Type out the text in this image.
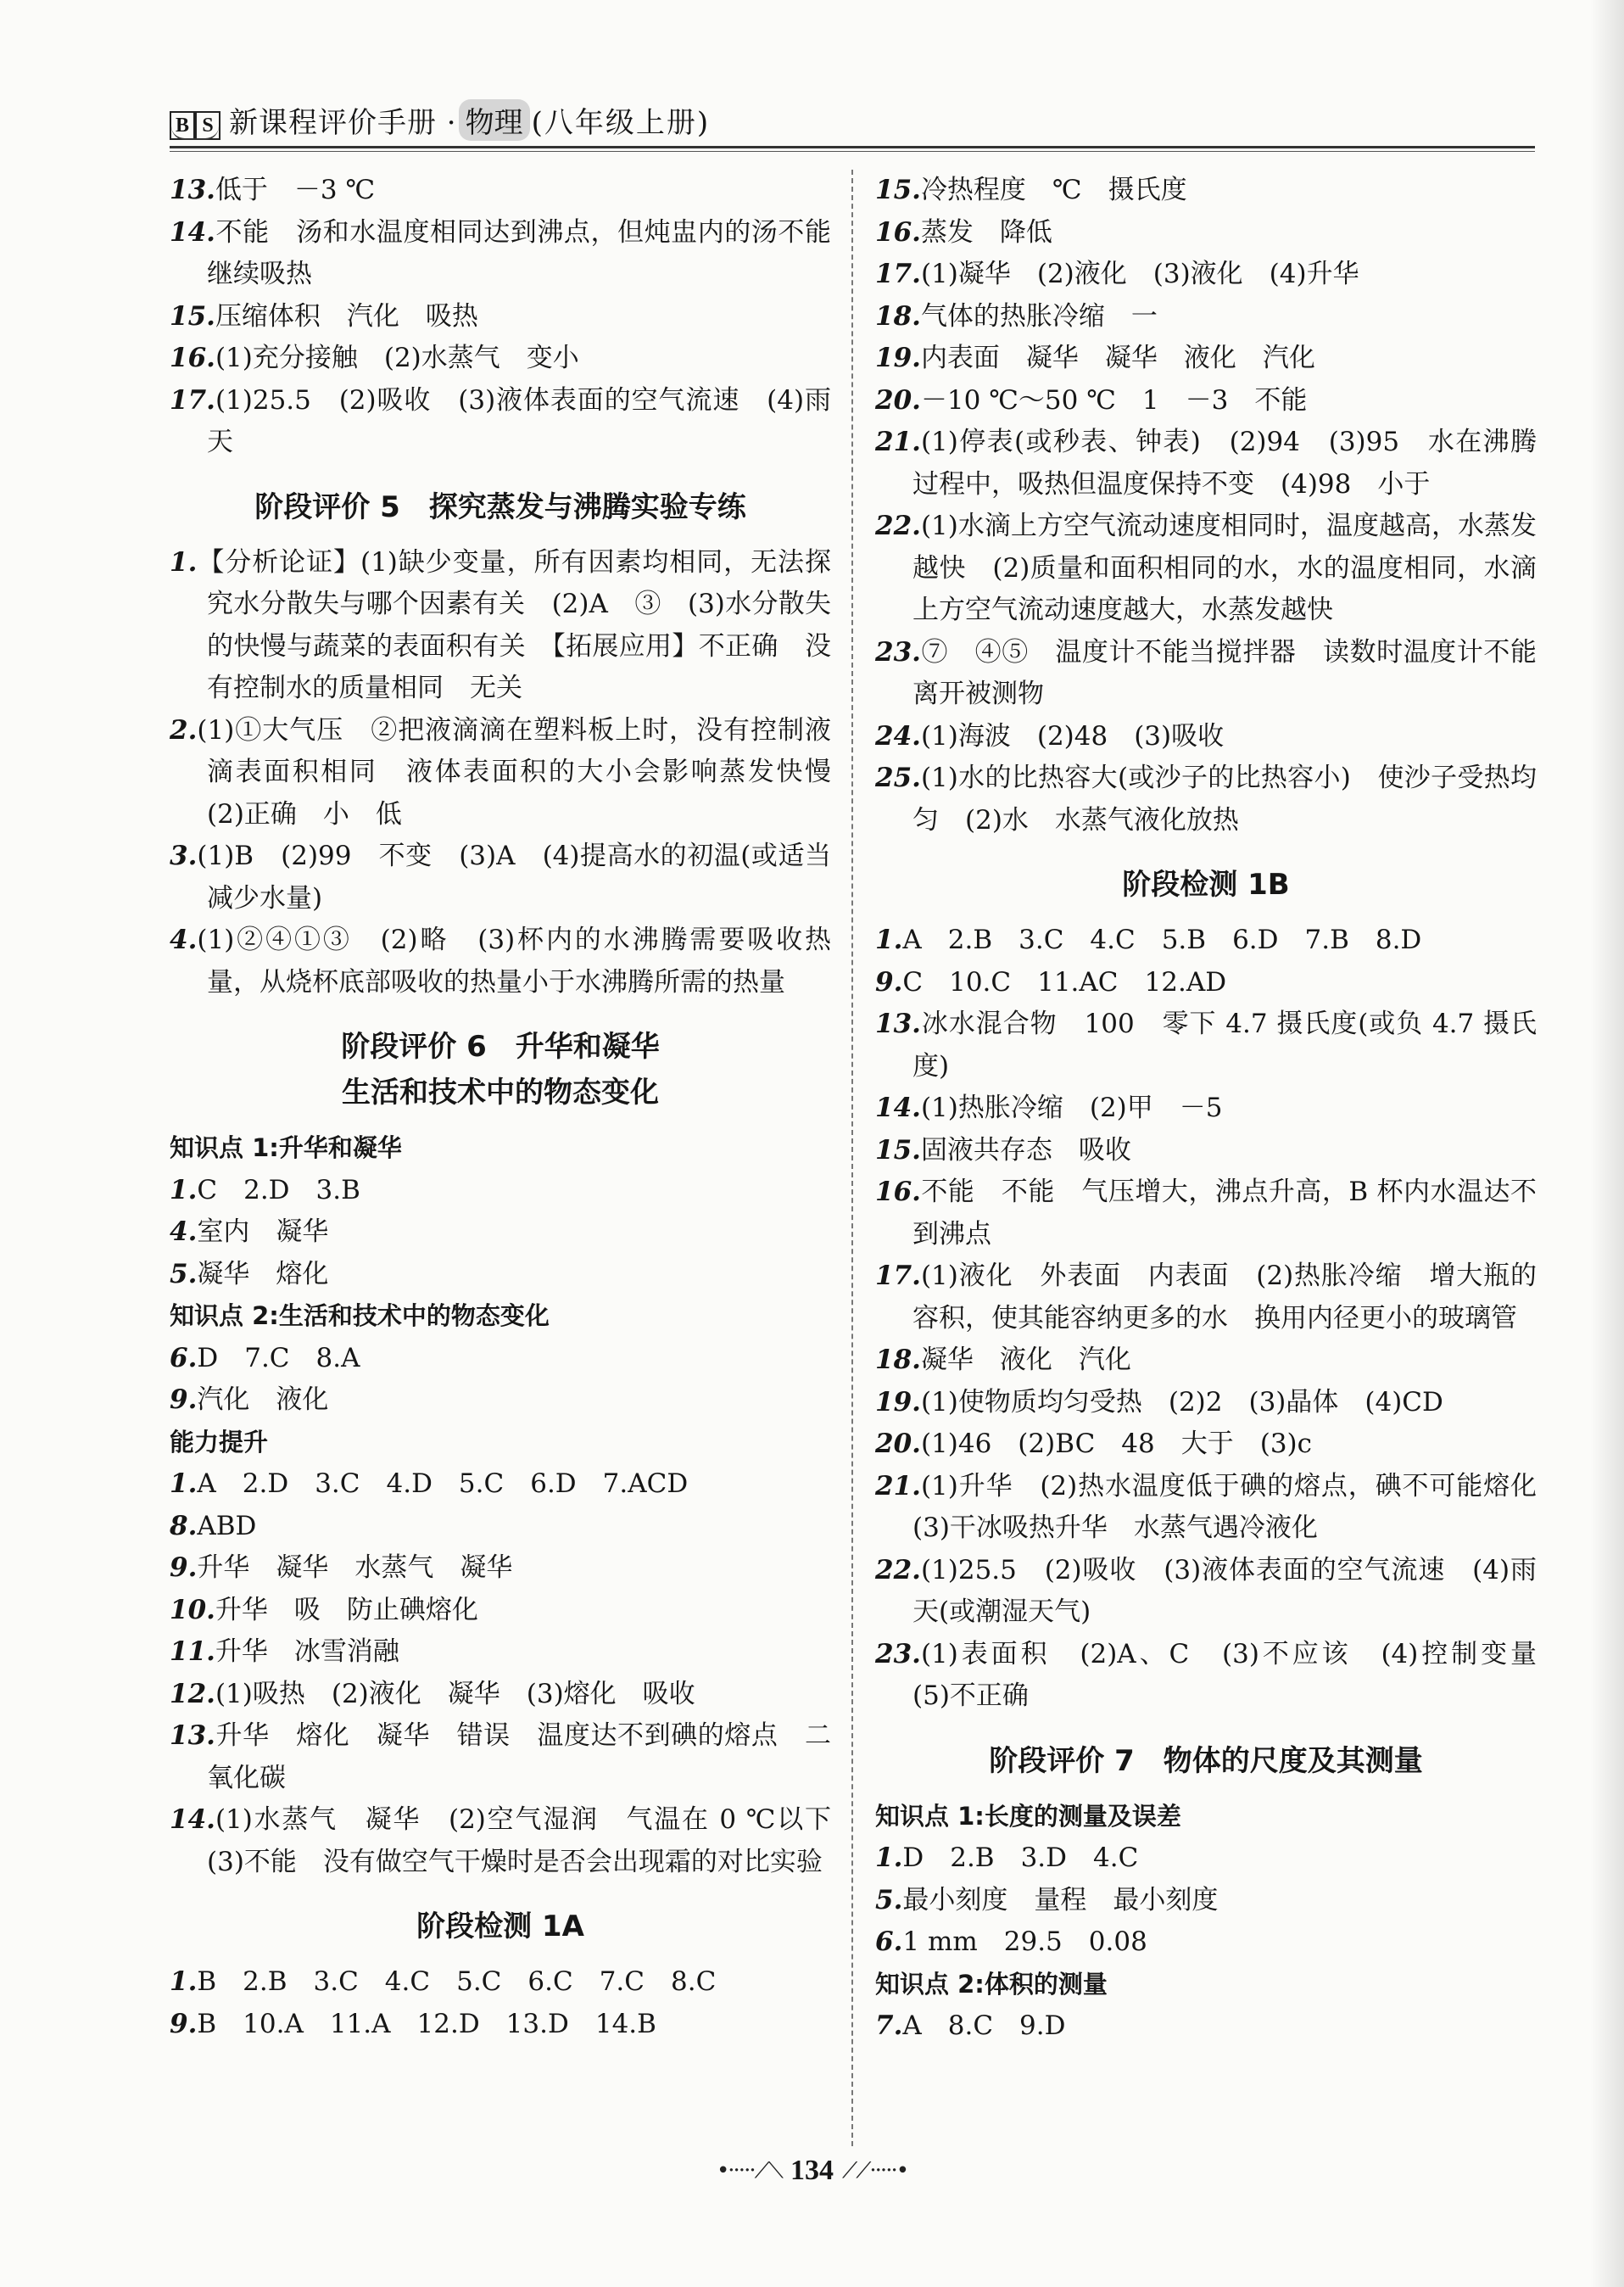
B S 新课程评价手册 · 物理 (八年级上册)
13.低于　－3 ℃
14.不能　汤和水温度相同达到沸点，但炖盅内的汤不能继续吸热
15.压缩体积　汽化　吸热
16.(1)充分接触　(2)水蒸气　变小
17.(1)25.5　(2)吸收　(3)液体表面的空气流速　(4)雨天
阶段评价 5　探究蒸发与沸腾实验专练
1.【分析论证】(1)缺少变量，所有因素均相同，无法探究水分散失与哪个因素有关　(2)A　③　(3)水分散失的快慢与蔬菜的表面积有关　【拓展应用】不正确　没有控制水的质量相同　无关
2.(1)①大气压　②把液滴滴在塑料板上时，没有控制液滴表面积相同　液体表面积的大小会影响蒸发快慢　(2)正确　小　低
3.(1)B　(2)99　不变　(3)A　(4)提高水的初温(或适当减少水量)
4.(1)②④①③　(2)略　(3)杯内的水沸腾需要吸收热量，从烧杯底部吸收的热量小于水沸腾所需的热量
阶段评价 6　升华和凝华
生活和技术中的物态变化
知识点 1:升华和凝华
1.C　2.D　3.B
4.室内　凝华
5.凝华　熔化
知识点 2:生活和技术中的物态变化
6.D　7.C　8.A
9.汽化　液化
能力提升
1.A　2.D　3.C　4.D　5.C　6.D　7.ACD
8.ABD
9.升华　凝华　水蒸气　凝华
10.升华　吸　防止碘熔化
11.升华　冰雪消融
12.(1)吸热　(2)液化　凝华　(3)熔化　吸收
13.升华　熔化　凝华　错误　温度达不到碘的熔点　二氧化碳
14.(1)水蒸气　凝华　(2)空气湿润　气温在 0 ℃以下　(3)不能　没有做空气干燥时是否会出现霜的对比实验
阶段检测 1A
1.B　2.B　3.C　4.C　5.C　6.C　7.C　8.C
9.B　10.A　11.A　12.D　13.D　14.B
15.冷热程度　℃　摄氏度
16.蒸发　降低
17.(1)凝华　(2)液化　(3)液化　(4)升华
18.气体的热胀冷缩　一
19.内表面　凝华　凝华　液化　汽化
20.－10 ℃～50 ℃　1　－3　不能
21.(1)停表(或秒表、钟表)　(2)94　(3)95　水在沸腾过程中，吸热但温度保持不变　(4)98　小于
22.(1)水滴上方空气流动速度相同时，温度越高，水蒸发越快　(2)质量和面积相同的水，水的温度相同，水滴上方空气流动速度越大，水蒸发越快
23.⑦　④⑤　温度计不能当搅拌器　读数时温度计不能离开被测物
24.(1)海波　(2)48　(3)吸收
25.(1)水的比热容大(或沙子的比热容小)　使沙子受热均匀　(2)水　水蒸气液化放热
阶段检测 1B
1.A　2.B　3.C　4.C　5.B　6.D　7.B　8.D
9.C　10.C　11.AC　12.AD
13.冰水混合物　100　零下 4.7 摄氏度(或负 4.7 摄氏度)
14.(1)热胀冷缩　(2)甲　－5
15.固液共存态　吸收
16.不能　不能　气压增大，沸点升高，B 杯内水温达不到沸点
17.(1)液化　外表面　内表面　(2)热胀冷缩　增大瓶的容积，使其能容纳更多的水　换用内径更小的玻璃管
18.凝华　液化　汽化
19.(1)使物质均匀受热　(2)2　(3)晶体　(4)CD
20.(1)46　(2)BC　48　大于　(3)c
21.(1)升华　(2)热水温度低于碘的熔点，碘不可能熔化　(3)干冰吸热升华　水蒸气遇冷液化
22.(1)25.5　(2)吸收　(3)液体表面的空气流速　(4)雨天(或潮湿天气)
23.(1)表面积　(2)A、C　(3)不应该　(4)控制变量　(5)不正确
阶段评价 7　物体的尺度及其测量
知识点 1:长度的测量及误差
1.D　2.B　3.D　4.C
5.最小刻度　量程　最小刻度
6.1 mm　29.5　0.08
知识点 2:体积的测量
7.A　8.C　9.D
•·····⟋⟍ 134 ⟋⟋·····•
